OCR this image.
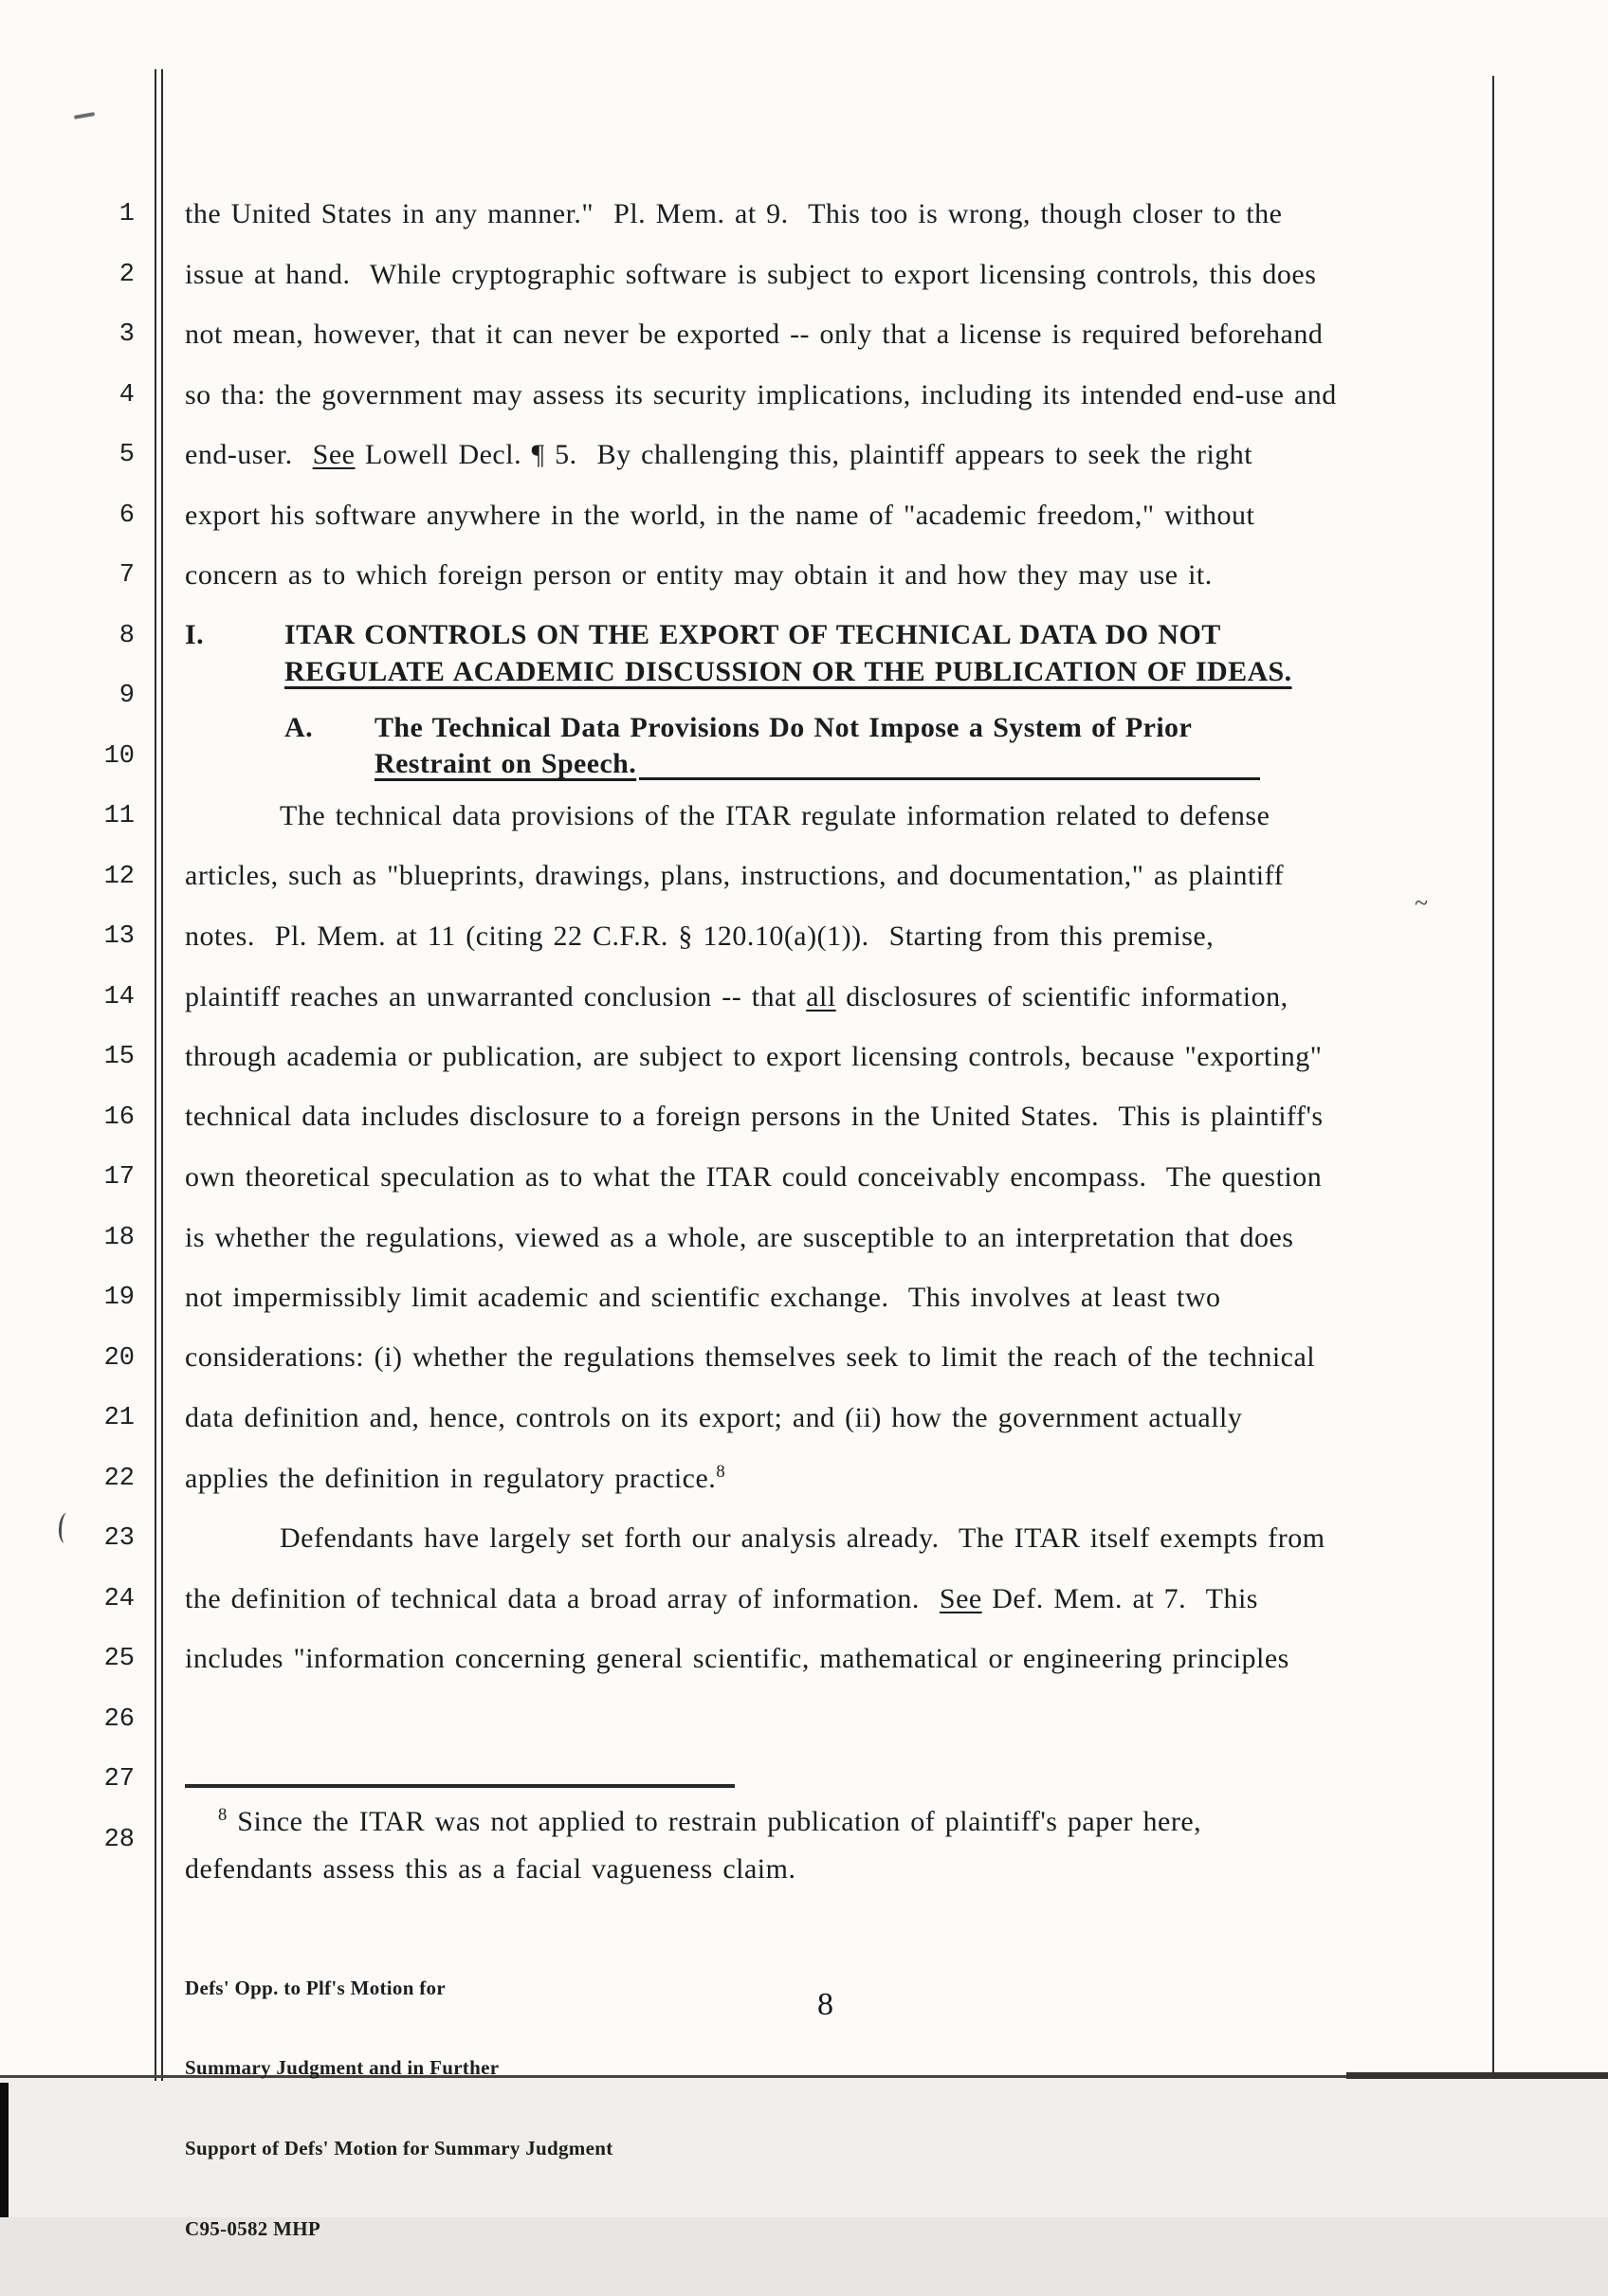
1
2
3
4
5
6
7
8
9
10
11
12
13
14
15
16
17
18
19
20
21
22
23
24
25
26
27
28
the United States in any manner."  Pl. Mem. at 9.  This too is wrong, though closer to the
issue at hand.  While cryptographic software is subject to export licensing controls, this does
not mean, however, that it can never be exported -- only that a license is required beforehand
so tha: the government may assess its security implications, including its intended end-use and
end-user.  See Lowell Decl. ¶ 5.  By challenging this, plaintiff appears to seek the right
export his software anywhere in the world, in the name of "academic freedom," without
concern as to which foreign person or entity may obtain it and how they may use it.
I.	ITAR CONTROLS ON THE EXPORT OF TECHNICAL DATA DO NOT
REGULATE ACADEMIC DISCUSSION OR THE PUBLICATION OF IDEAS.
A. The Technical Data Provisions Do Not Impose a System of Prior
Restraint on Speech.
The technical data provisions of the ITAR regulate information related to defense
articles, such as "blueprints, drawings, plans, instructions, and documentation," as plaintiff
notes.  Pl. Mem. at 11 (citing 22 C.F.R. § 120.10(a)(1)).  Starting from this premise,
plaintiff reaches an unwarranted conclusion -- that all disclosures of scientific information,
through academia or publication, are subject to export licensing controls, because "exporting"
technical data includes disclosure to a foreign persons in the United States.  This is plaintiff's
own theoretical speculation as to what the ITAR could conceivably encompass.  The question
is whether the regulations, viewed as a whole, are susceptible to an interpretation that does
not impermissibly limit academic and scientific exchange.  This involves at least two
considerations: (i) whether the regulations themselves seek to limit the reach of the technical
data definition and, hence, controls on its export; and (ii) how the government actually
applies the definition in regulatory practice.$^8$
Defendants have largely set forth our analysis already.  The ITAR itself exempts from
the definition of technical data a broad array of information.  See Def. Mem. at 7.  This
includes "information concerning general scientific, mathematical or engineering principles
$^8$ Since the ITAR was not applied to restrain publication of plaintiff's paper here,
defendants assess this as a facial vagueness claim.

Defs' Opp. to Plf's Motion for

Summary Judgment and in Further

Support of Defs' Motion for Summary Judgment

C95-0582 MHP

8
~
